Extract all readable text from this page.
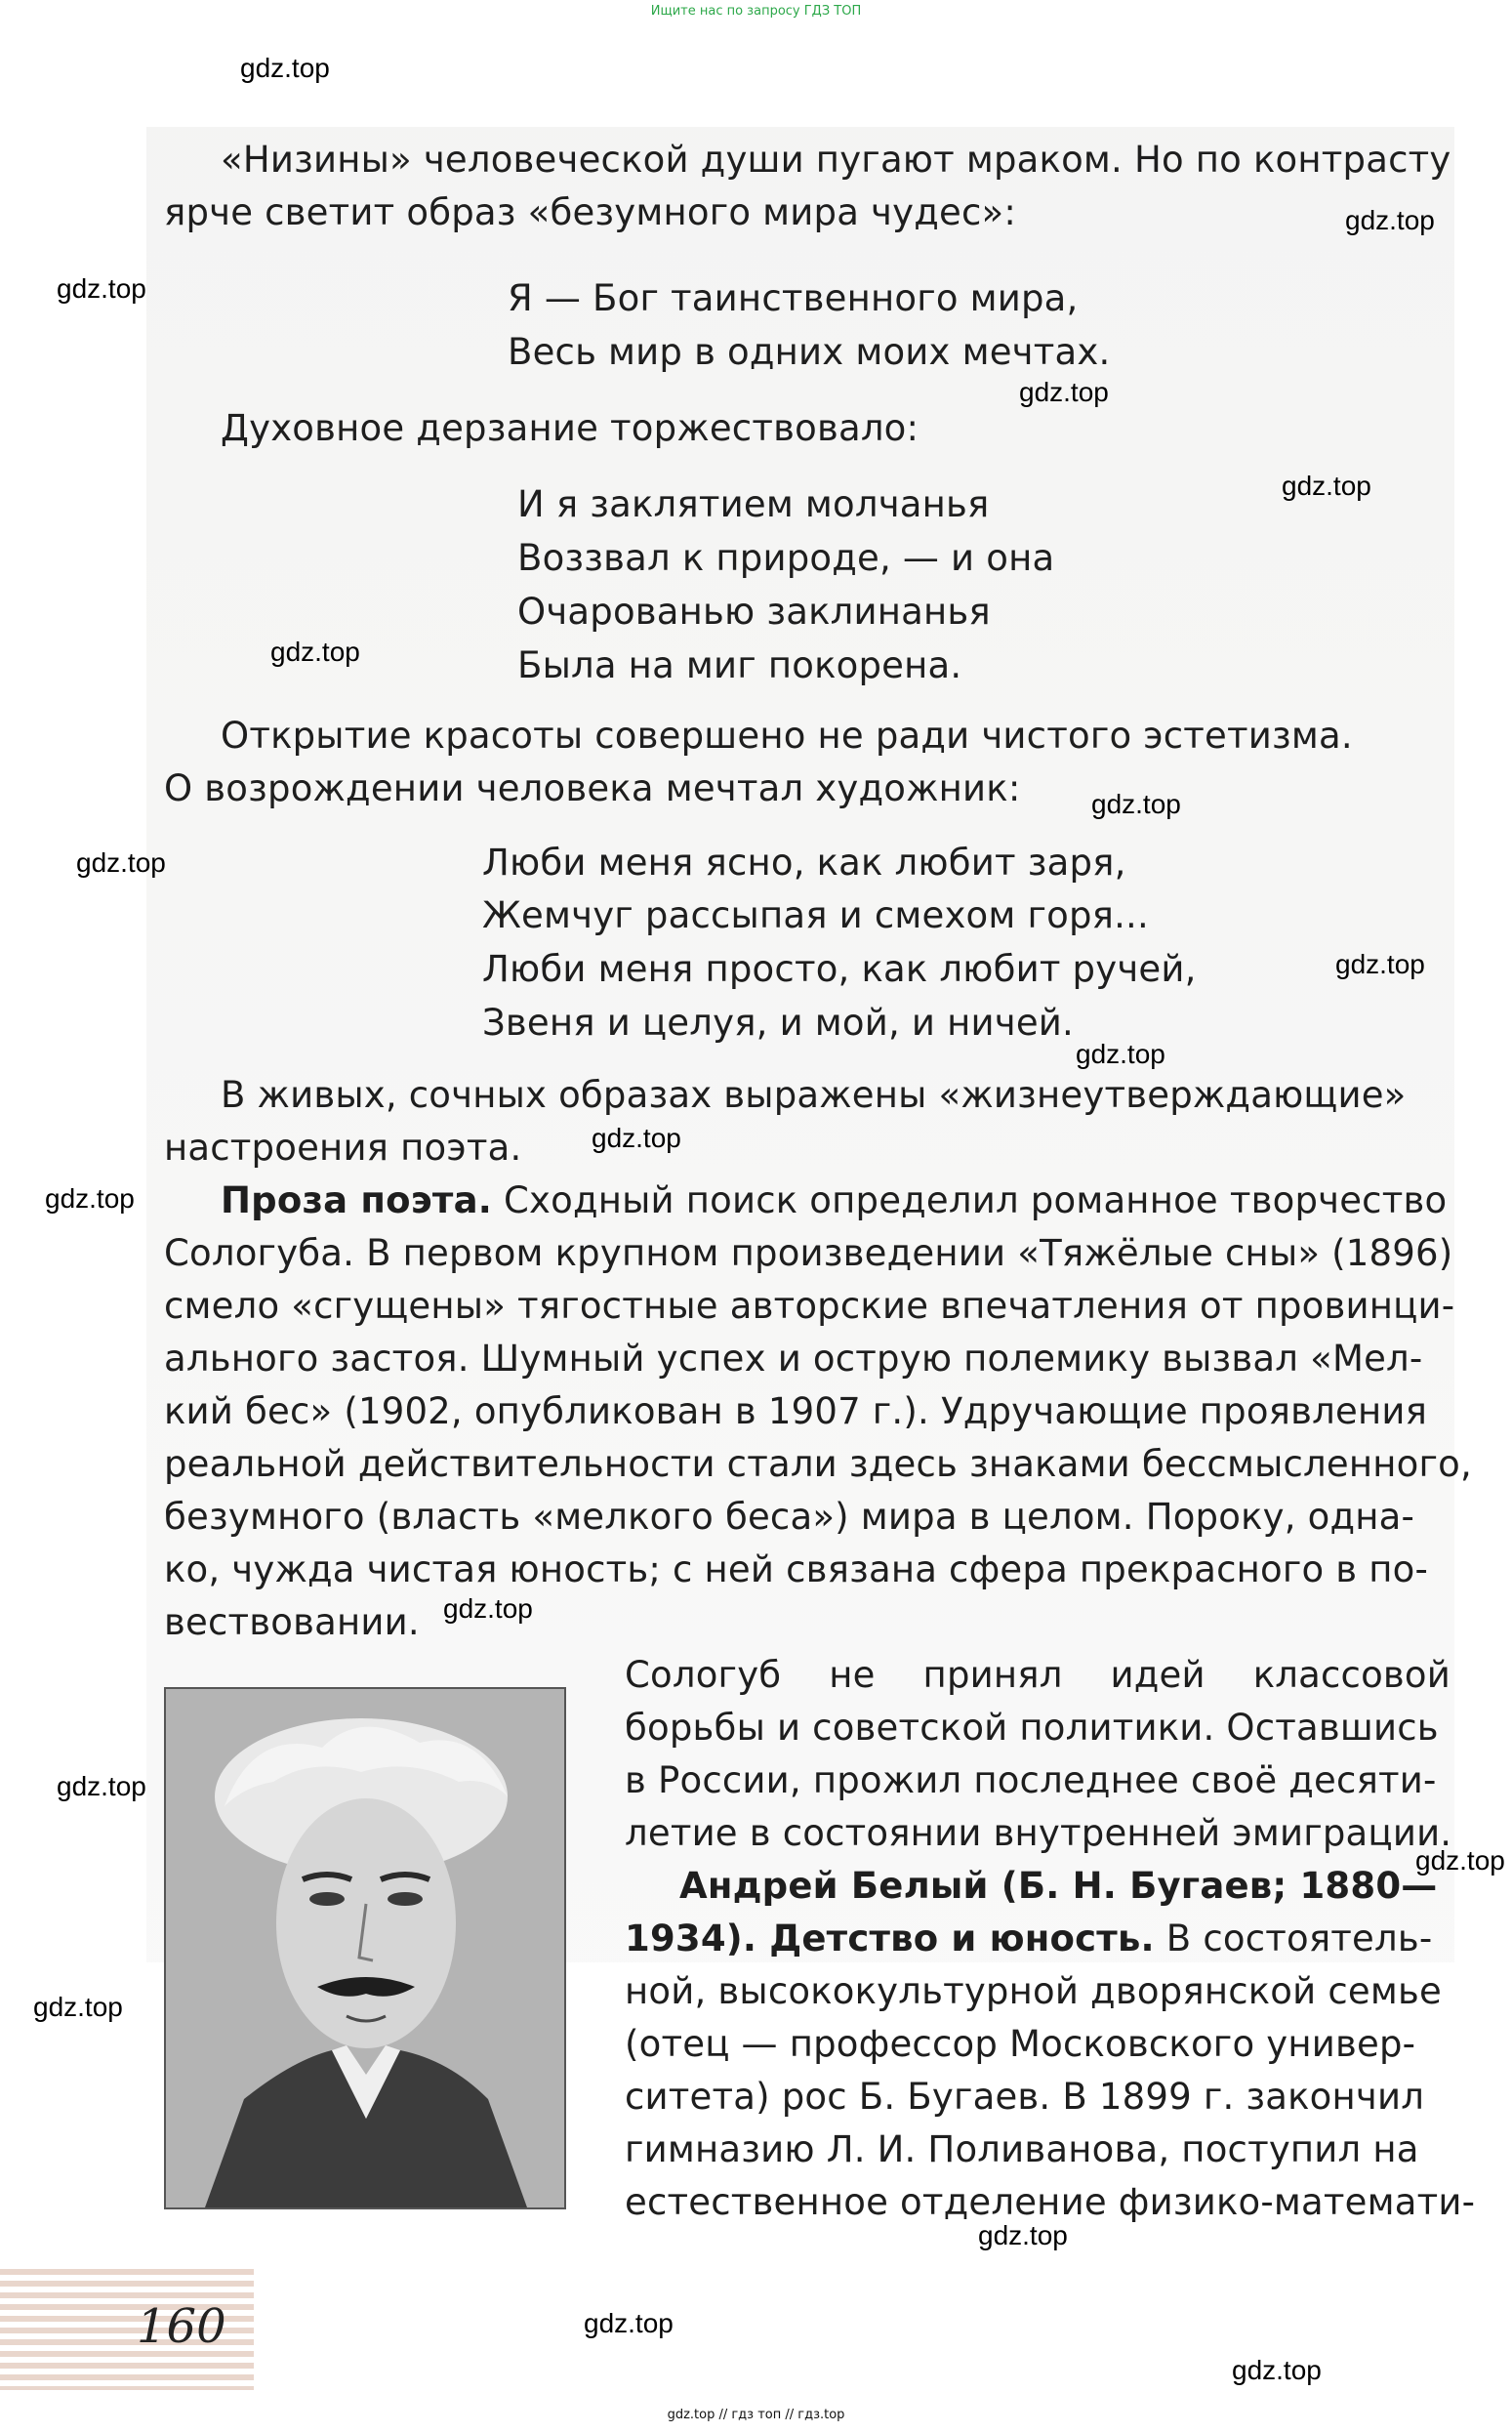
Ищите нас по запросу ГДЗ ТОП
gdz.top
gdz.top
gdz.top
gdz.top
gdz.top
gdz.top
gdz.top
gdz.top
gdz.top
gdz.top
gdz.top
gdz.top
gdz.top
gdz.top
gdz.top
gdz.top
gdz.top
gdz.top
gdz.top
«Низины» человеческой души пугают мраком. Но по контрасту
ярче светит образ «безумного мира чудес»:
Я — Бог таинственного мира,
Весь мир в одних моих мечтах.
Духовное дерзание торжествовало:
И я заклятием молчанья
Воззвал к природе, — и она
Очарованью заклинанья
Была на миг покорена.
Открытие красоты совершено не ради чистого эстетизма.
О возрождении человека мечтал художник:
Люби меня ясно, как любит заря,
Жемчуг рассыпая и смехом горя...
Люби меня просто, как любит ручей,
Звеня и целуя, и мой, и ничей.
В живых, сочных образах выражены «жизнеутверждающие»
настроения поэта.
Проза поэта. Сходный поиск определил романное творчество
Сологуба. В первом крупном произведении «Тяжёлые сны» (1896)
смело «сгущены» тягостные авторские впечатления от провинци-
ального застоя. Шумный успех и острую полемику вызвал «Мел-
кий бес» (1902, опубликован в 1907 г.). Удручающие проявления
реальной действительности стали здесь знаками бессмысленного,
безумного (власть «мелкого беса») мира в целом. Пороку, одна-
ко, чужда чистая юность; с ней связана сфера прекрасного в по-
вествовании.
Сологуб не принял идей классовой
борьбы и советской политики. Оставшись
в России, прожил последнее своё десяти-
летие в состоянии внутренней эмиграции.
Андрей Белый (Б. Н. Бугаев; 1880—
1934). Детство и юность. В состоятель-
ной, высококультурной дворянской семье
(отец — профессор Московского универ-
ситета) рос Б. Бугаев. В 1899 г. закончил
гимназию Л. И. Поливанова, поступил на
естественное отделение физико-математи-
160
gdz.top // гдз топ // гдз.top
